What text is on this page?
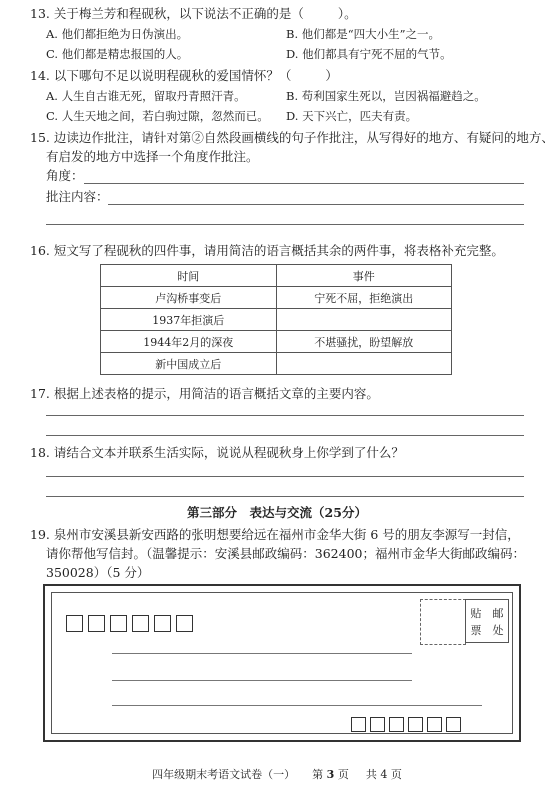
13. 关于梅兰芳和程砚秋，以下说法不正确的是（	）。
A. 他们都拒绝为日伪演出。	B. 他们都是“四大小生”之一。
C. 他们都是精忠报国的人。	D. 他们都具有宁死不屈的气节。
14. 以下哪句不足以说明程砚秋的爱国情怀？（	）
A. 人生自古谁无死，留取丹青照汗青。	B. 苟利国家生死以，岂因祸福避趋之。
C. 人生天地之间，若白驹过隙，忽然而已。 D. 天下兴亡，匹夫有责。
15. 边读边作批注，请针对第②自然段画横线的句子作批注，从写得好的地方、有疑问的地方、
有启发的地方中选择一个角度作批注。
角度：
批注内容：
16. 短文写了程砚秋的四件事，请用简洁的语言概括其余的两件事，将表格补充完整。
时间	事件
卢沟桥事变后	宁死不屈，拒绝演出
1937年拒演后	
1944年2月的深夜	不堪骚扰，盼望解放
新中国成立后	
17. 根据上述表格的提示，用简洁的语言概括文章的主要内容。
18. 请结合文本并联系生活实际，说说从程砚秋身上你学到了什么？
第三部分　表达与交流（25分）
19. 泉州市安溪县新安西路的张明想要给远在福州市金华大街 6 号的朋友李源写一封信，
请你帮他写信封。（温馨提示：安溪县邮政编码：362400；福州市金华大街邮政编码：
350028）（5 分）
贴　邮
票　处
四年级期末考语文试卷（一） 第 3 页 共 4 页
